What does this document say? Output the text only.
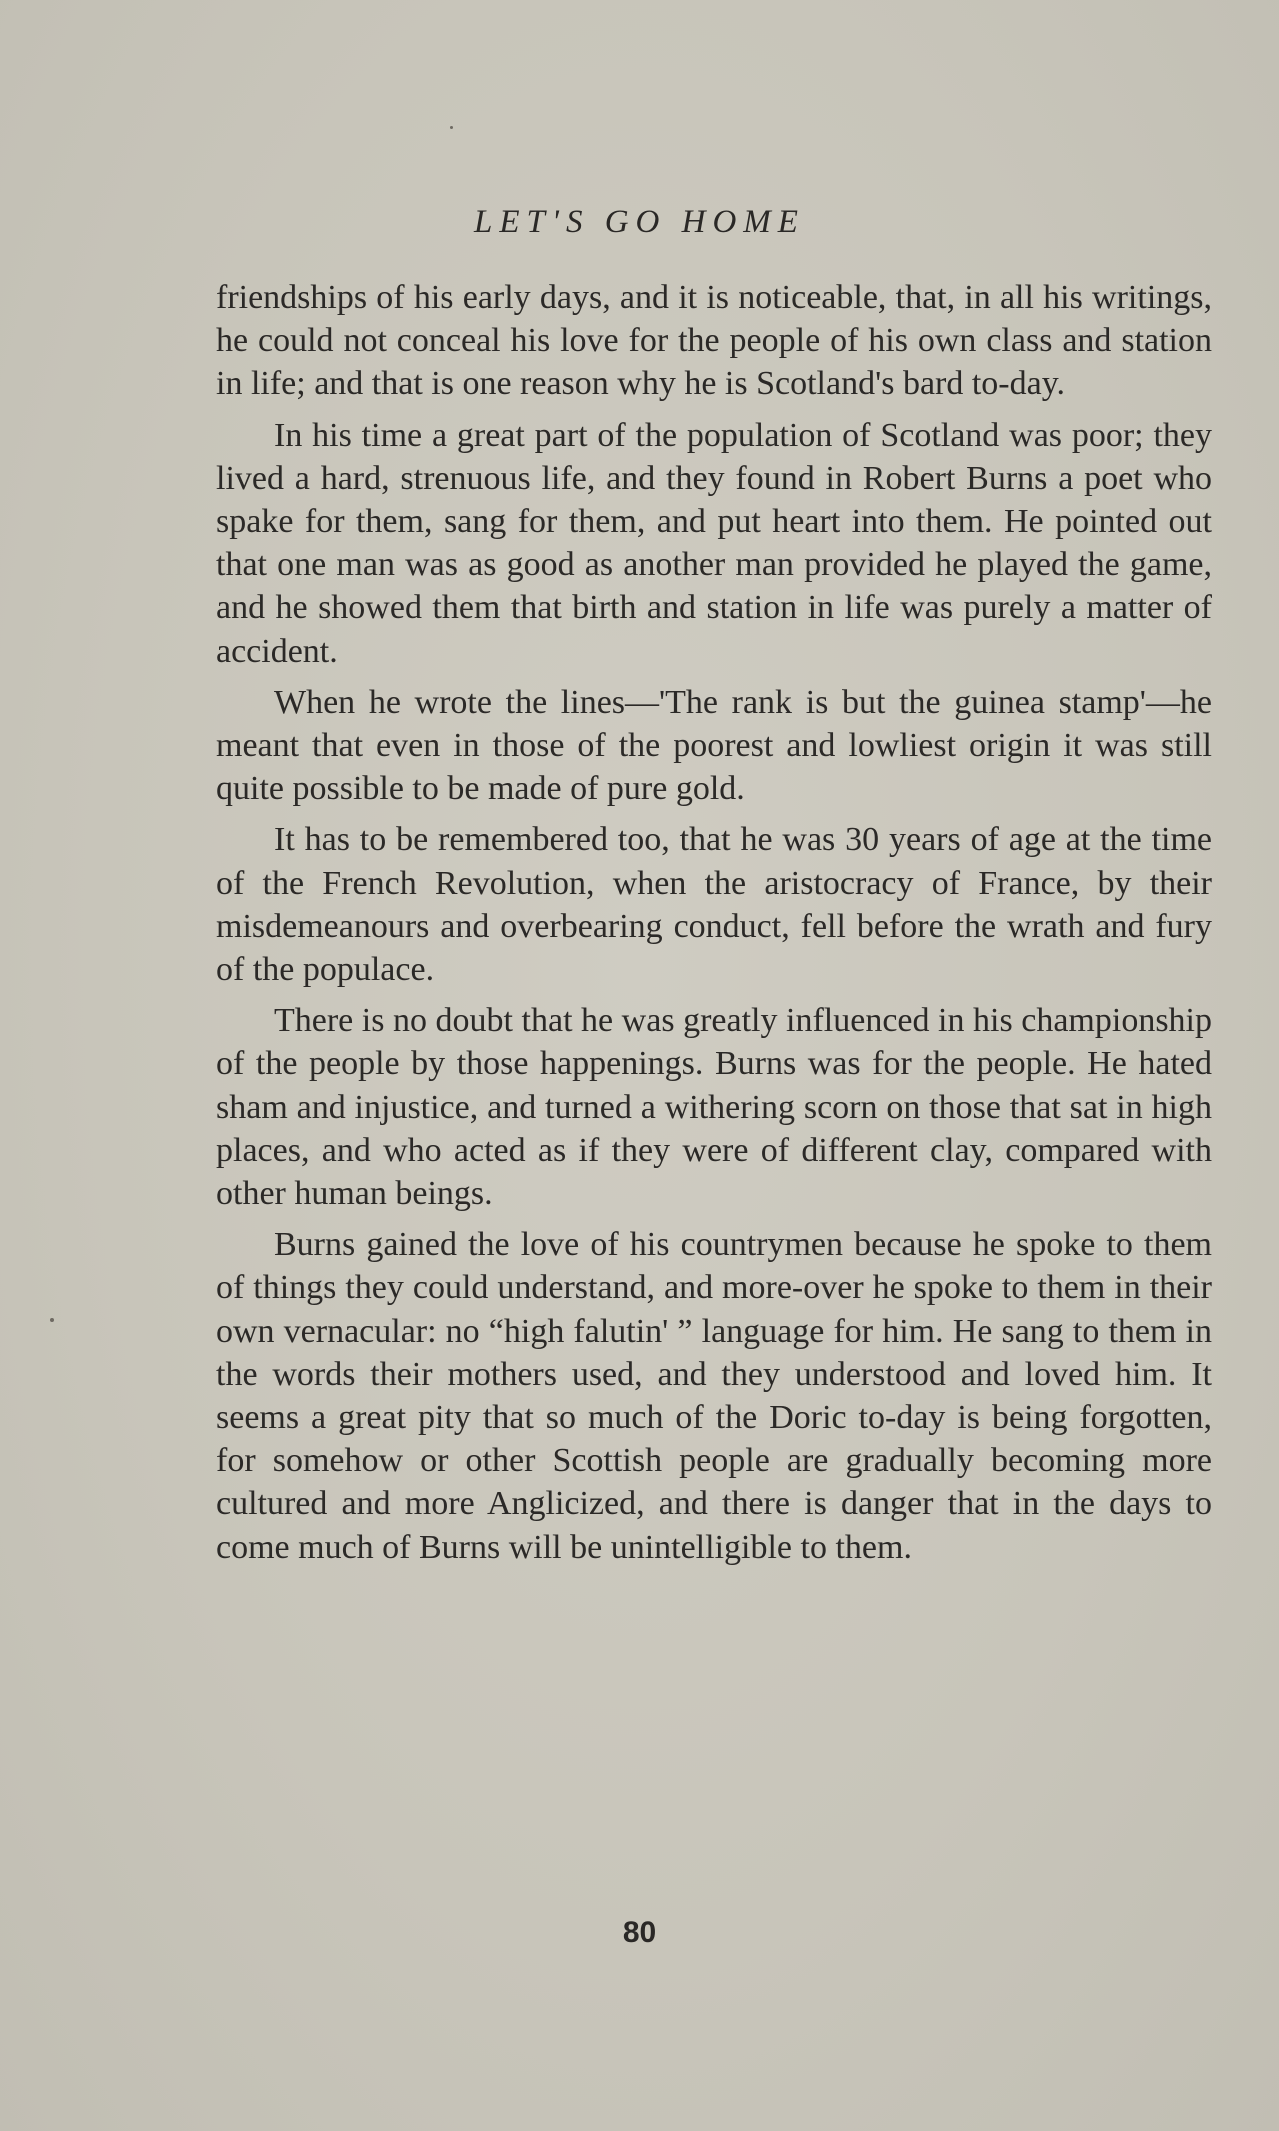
LET'S GO HOME

friendships of his early days, and it is noticeable, that, in all his writings, he could not conceal his love for the people of his own class and station in life; and that is one reason why he is Scotland's bard to-day.

In his time a great part of the population of Scotland was poor; they lived a hard, strenuous life, and they found in Robert Burns a poet who spake for them, sang for them, and put heart into them. He pointed out that one man was as good as another man provided he played the game, and he showed them that birth and station in life was purely a matter of accident.

When he wrote the lines—'The rank is but the guinea stamp'—he meant that even in those of the poorest and lowliest origin it was still quite possible to be made of pure gold.

It has to be remembered too, that he was 30 years of age at the time of the French Revolution, when the aristocracy of France, by their misdemeanours and overbearing conduct, fell before the wrath and fury of the populace.

There is no doubt that he was greatly influenced in his championship of the people by those happenings. Burns was for the people. He hated sham and injustice, and turned a withering scorn on those that sat in high places, and who acted as if they were of different clay, compared with other human beings.

Burns gained the love of his countrymen because he spoke to them of things they could understand, and more-over he spoke to them in their own vernacular: no “high falutin' ” language for him. He sang to them in the words their mothers used, and they understood and loved him. It seems a great pity that so much of the Doric to-day is being forgotten, for somehow or other Scottish people are gradually becoming more cultured and more Anglicized, and there is danger that in the days to come much of Burns will be unintelligible to them.

80
